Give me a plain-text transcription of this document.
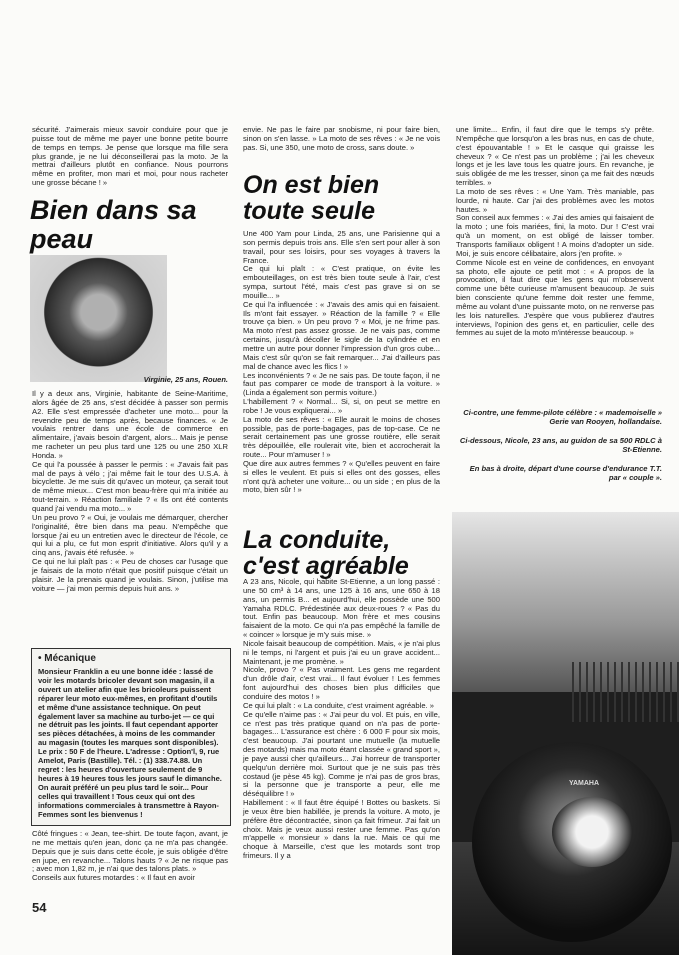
sécurité. J'aimerais mieux savoir conduire pour que je puisse tout de même me payer une bonne petite bourre de temps en temps. Je pense que lorsque ma fille sera plus grande, je ne lui déconseillerai pas la moto. Je la mettrai d'ailleurs plutôt en confiance. Nous pourrons même en profiter, mon mari et moi, pour nous racheter une grosse bécane ! »

Bien dans sa peau
Virginie, 25 ans, Rouen.

Il y a deux ans, Virginie, habitante de Seine-Maritime, alors âgée de 25 ans, s'est décidée à passer son permis A2. Elle s'est empressée d'acheter une moto... pour la revendre peu de temps après, because finances. « Je voulais rentrer dans une école de commerce en alimentaire, j'avais besoin d'argent, alors... Mais je pense me racheter un peu plus tard une 125 ou une 250 XLR Honda. »

Ce qui l'a poussée à passer le permis : « J'avais fait pas mal de pays à vélo ; j'ai même fait le tour des U.S.A. à bicyclette. Je me suis dit qu'avec un moteur, ça serait tout de même mieux... C'est mon beau-frère qui m'a initiée au tout-terrain. » Réaction familiale ? « Ils ont été contents quand j'ai vendu ma moto... »

Un peu provo ? « Oui, je voulais me démarquer, chercher l'originalité, être bien dans ma peau. N'empêche que lorsque j'ai eu un entretien avec le directeur de l'école, ce qui lui a plu, ce fut mon esprit d'initiative. Alors qu'il y a cinq ans, j'avais été refusée. »

Ce qui ne lui plaît pas : « Peu de choses car l'usage que je faisais de la moto n'était que positif puisque c'était un plaisir. Je la prenais quand je voulais. Sinon, j'utilise ma voiture — j'ai mon permis depuis huit ans. »

• Mécanique
Monsieur Franklin a eu une bonne idée : lassé de voir les motards bricoler devant son magasin, il a ouvert un atelier afin que les bricoleurs puissent réparer leur moto eux-mêmes, en profitant d'outils et même d'une assistance technique. On peut également laver sa machine au turbo-jet — ce qui ne détruit pas les joints. Il faut cependant apporter ses pièces détachées, à moins de les commander au magasin (toutes les marques sont disponibles). Le prix : 50 F de l'heure. L'adresse : Option'l, 9, rue Amelot, Paris (Bastille). Tél. : (1) 338.74.88. Un regret : les heures d'ouverture seulement de 9 heures à 19 heures tous les jours sauf le dimanche. On aurait préféré un peu plus tard le soir... Pour celles qui travaillent ! Tous ceux qui ont des informations commerciales à transmettre à Rayon-Femmes sont les bienvenus !

Côté fringues : « Jean, tee-shirt. De toute façon, avant, je ne me mettais qu'en jean, donc ça ne m'a pas changée. Depuis que je suis dans cette école, je suis obligée d'être en jupe, en revanche... Talons hauts ? « Je ne risque pas ; avec mon 1,82 m, je n'ai que des talons plats. »

Conseils aux futures motardes : « Il faut en avoir

54

envie. Ne pas le faire par snobisme, ni pour faire bien, sinon on s'en lasse. » La moto de ses rêves : « Je ne vois pas. Si, une 350, une moto de cross, sans doute. »

On est bien toute seule

Une 400 Yam pour Linda, 25 ans, une Parisienne qui a son permis depuis trois ans. Elle s'en sert pour aller à son travail, pour ses loisirs, pour ses voyages à travers la France.

Ce qui lui plaît : « C'est pratique, on évite les embouteillages, on est très bien toute seule à l'air, c'est sympa, surtout l'été, mais c'est pas grave si on se mouille... »

Ce qui l'a influencée : « J'avais des amis qui en faisaient. Ils m'ont fait essayer. » Réaction de la famille ? « Elle trouve ça bien. » Un peu provo ? « Moi, je ne frime pas. Ma moto n'est pas assez grosse. Je ne vais pas, comme certains, jusqu'à décoller le sigle de la cylindrée et en mettre un autre pour donner l'impression d'un gros cube... Mais c'est sûr qu'on se fait remarquer... J'ai d'ailleurs pas mal de chance avec les flics ! »

Les inconvénients ? « Je ne sais pas. De toute façon, il ne faut pas comparer ce mode de transport à la voiture. » (Linda a également son permis voiture.)

L'habillement ? « Normal... Si, si, on peut se mettre en robe ! Je vous expliquerai... »

La moto de ses rêves : « Elle aurait le moins de choses possible, pas de porte-bagages, pas de top-case. Ce ne serait certainement pas une grosse routière, elle serait très dépouillée, elle roulerait vite, bien et accrocherait la route... Pour m'amuser ! »

Que dire aux autres femmes ? « Qu'elles peuvent en faire si elles le veulent. Et puis si elles ont des gosses, elles n'ont qu'à acheter une voiture... ou un side ; en plus de la moto, bien sûr ! »

La conduite, c'est agréable

A 23 ans, Nicole, qui habite St-Etienne, a un long passé : une 50 cm³ à 14 ans, une 125 à 16 ans, une 650 à 18 ans, un permis B... et aujourd'hui, elle possède une 500 Yamaha RDLC. Prédestinée aux deux-roues ? « Pas du tout. Enfin pas beaucoup. Mon frère et mes cousins faisaient de la moto. Ce qui n'a pas empêché la famille de « coincer » lorsque je m'y suis mise. »

Nicole faisait beaucoup de compétition. Mais, « je n'ai plus ni le temps, ni l'argent et puis j'ai eu un grave accident... Maintenant, je me promène. »

Nicole, provo ? « Pas vraiment. Les gens me regardent d'un drôle d'air, c'est vrai... Il faut évoluer ! Les femmes font aujourd'hui des choses bien plus difficiles que conduire des motos ! »

Ce qui lui plaît : « La conduite, c'est vraiment agréable. »

Ce qu'elle n'aime pas : « J'ai peur du vol. Et puis, en ville, ce n'est pas très pratique quand on n'a pas de porte-bagages... L'assurance est chère : 6 000 F pour six mois, c'est beaucoup. J'ai pourtant une mutuelle (la mutuelle des motards) mais ma moto étant classée « grand sport », je paye aussi cher qu'ailleurs... J'ai horreur de transporter quelqu'un derrière moi. Surtout que je ne suis pas très costaud (je pèse 45 kg). Comme je n'ai pas de gros bras, si la personne que je transporte a peur, elle me déséquilibre ! »

Habillement : « Il faut être équipé ! Bottes ou baskets. Si je veux être bien habillée, je prends la voiture. A moto, je préfère être décontractée, sinon ça fait frimeur. J'ai fait un choix. Mais je veux aussi rester une femme. Pas qu'on m'appelle « monsieur » dans la rue. Mais ce qui me choque à Marseille, c'est que les motards sont trop frimeurs. Il y a

une limite... Enfin, il faut dire que le temps s'y prête. N'empêche que lorsqu'on a les bras nus, en cas de chute, c'est épouvantable ! » Et le casque qui graisse les cheveux ? « Ce n'est pas un problème ; j'ai les cheveux longs et je les lave tous les quatre jours. En revanche, je suis obligée de me les tresser, sinon ça me fait des nœuds terribles. »

La moto de ses rêves : « Une Yam. Très maniable, pas lourde, ni haute. Car j'ai des problèmes avec les motos hautes. »

Son conseil aux femmes : « J'ai des amies qui faisaient de la moto ; une fois mariées, fini, la moto. Dur ! C'est vrai qu'à un moment, on est obligé de laisser tomber. Transports familiaux obligent ! A moins d'adopter un side. Moi, je suis encore célibataire, alors j'en profite. »

Comme Nicole est en veine de confidences, en envoyant sa photo, elle ajoute ce petit mot : « A propos de la provocation, il faut dire que les gens qui m'observent comme une bête curieuse m'amusent beaucoup. Je suis bien consciente qu'une femme doit rester une femme, même au volant d'une puissante moto, on ne renverse pas les lois naturelles. J'espère que vous publierez d'autres interviews, l'opinion des gens et, en particulier, celle des femmes au sujet de la moto m'intéresse beaucoup. »

Ci-contre, une femme-pilote célèbre : « mademoiselle » Gerie van Rooyen, hollandaise.

Ci-dessous, Nicole, 23 ans, au guidon de sa 500 RDLC à St-Etienne.

En bas à droite, départ d'une course d'endurance T.T. par « couple ».

YAMAHA
